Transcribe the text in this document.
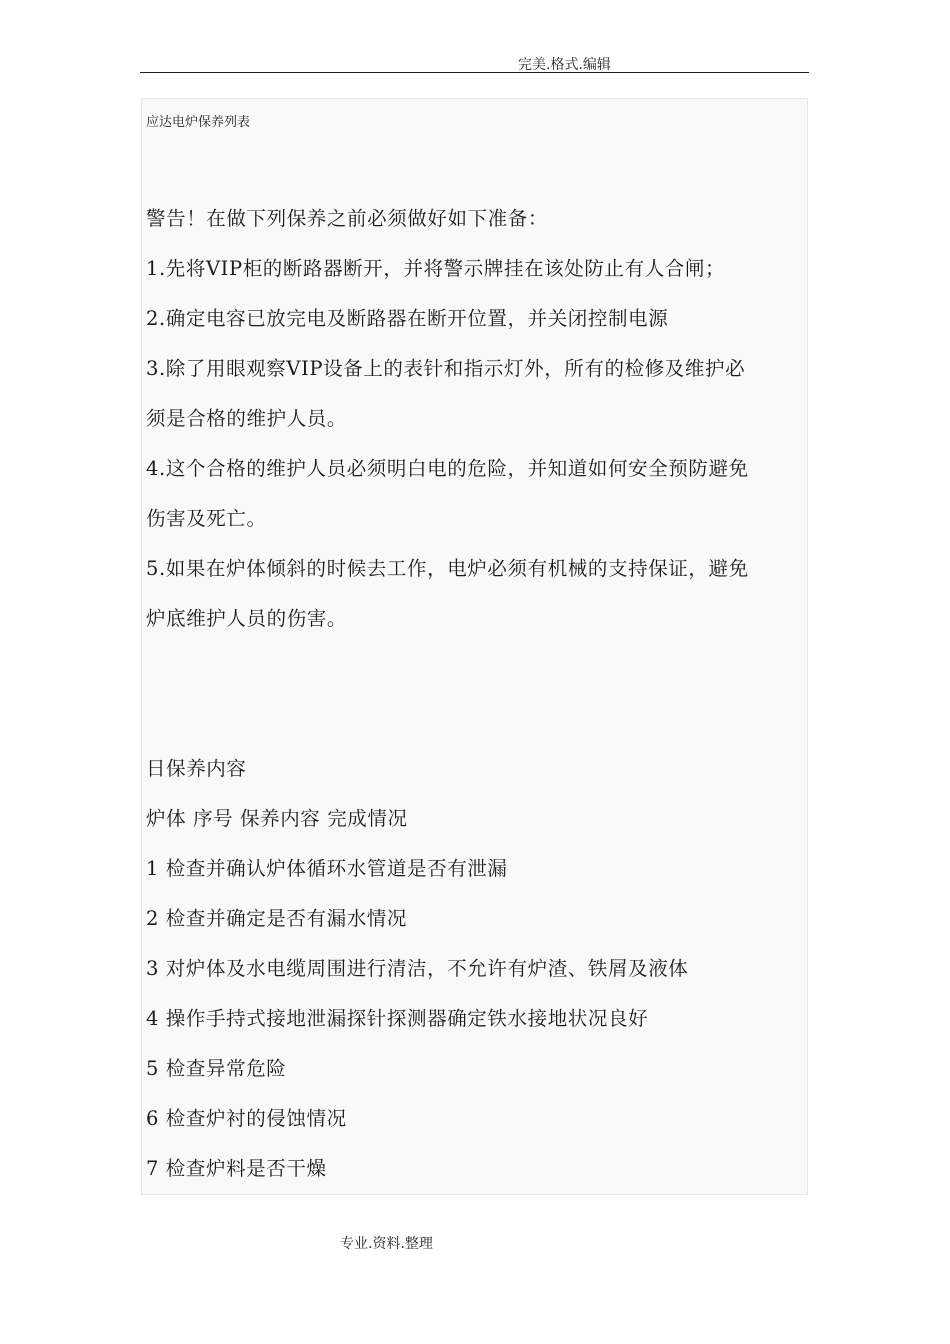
完美.格式.编辑
应达电炉保养列表
警告！在做下列保养之前必须做好如下准备：
1.先将VIP柜的断路器断开，并将警示牌挂在该处防止有人合闸；
2.确定电容已放完电及断路器在断开位置，并关闭控制电源
3.除了用眼观察VIP设备上的表针和指示灯外，所有的检修及维护必
须是合格的维护人员。
4.这个合格的维护人员必须明白电的危险，并知道如何安全预防避免
伤害及死亡。
5.如果在炉体倾斜的时候去工作，电炉必须有机械的支持保证，避免
炉底维护人员的伤害。
日保养内容
炉体 序号 保养内容 完成情况
1 检查并确认炉体循环水管道是否有泄漏
2 检查并确定是否有漏水情况
3 对炉体及水电缆周围进行清洁，不允许有炉渣、铁屑及液体
4 操作手持式接地泄漏探针探测器确定铁水接地状况良好
5 检查异常危险
6 检查炉衬的侵蚀情况
7 检查炉料是否干燥
专业.资料.整理
